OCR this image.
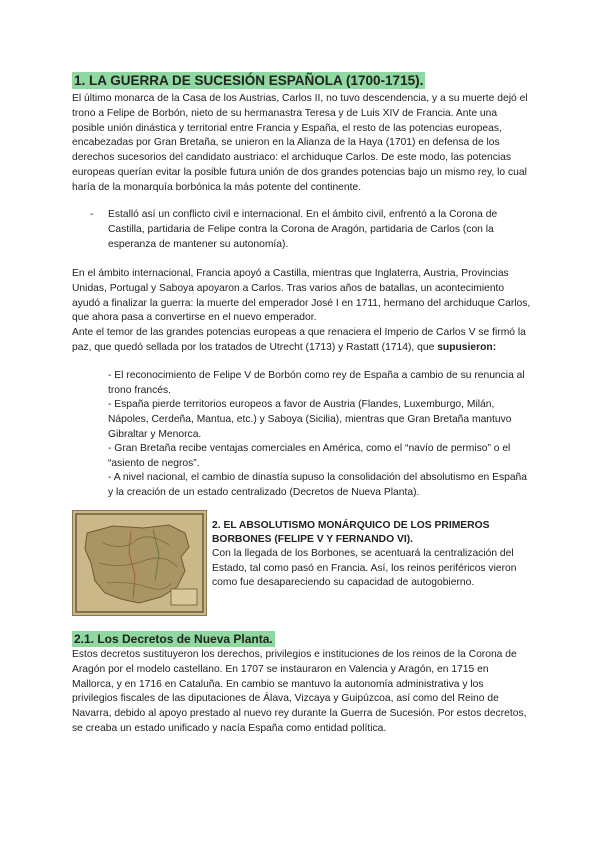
1. LA GUERRA DE SUCESIÓN ESPAÑOLA (1700-1715).

El último monarca de la Casa de los Austrias, Carlos II, no tuvo descendencia, y a su muerte dejó el trono a Felipe de Borbón, nieto de su hermanastra Teresa y de Luis XIV de Francia. Ante una posible unión dinástica y territorial entre Francia y España, el resto de las potencias europeas, encabezadas por Gran Bretaña, se unieron en la Alianza de la Haya (1701) en defensa de los derechos sucesorios del candidato austriaco: el archiduque Carlos. De este modo, las potencias europeas querían evitar la posible futura unión de dos grandes potencias bajo un mismo rey, lo cual haría de la monarquía borbónica la más potente del continente.

- Estalló así un conflicto civil e internacional. En el ámbito civil, enfrentó a la Corona de Castilla, partidaria de Felipe contra la Corona de Aragón, partidaria de Carlos (con la esperanza de mantener su autonomía).

En el ámbito internacional, Francia apoyó a Castilla, mientras que Inglaterra, Austria, Provincias Unidas, Portugal y Saboya apoyaron a Carlos. Tras varios años de batallas, un acontecimiento ayudó a finalizar la guerra: la muerte del emperador José I en 1711, hermano del archiduque Carlos, que ahora pasa a convertirse en el nuevo emperador.

Ante el temor de las grandes potencias europeas a que renaciera el Imperio de Carlos V se firmó la paz, que quedó sellada por los tratados de Utrecht (1713) y Rastatt (1714), que supusieron:

- El reconocimiento de Felipe V de Borbón como rey de España a cambio de su renuncia al trono francés.

- España pierde territorios europeos a favor de Austria (Flandes, Luxemburgo, Milán, Nápoles, Cerdeña, Mantua, etc.) y Saboya (Sicilia), mientras que Gran Bretaña mantuvo Gibraltar y Menorca.

- Gran Bretaña recibe ventajas comerciales en América, como el “navío de permiso” o el “asiento de negros”.

- A nivel nacional, el cambio de dinastía supuso la consolidación del absolutismo en España y la creación de un estado centralizado (Decretos de Nueva Planta).

2. EL ABSOLUTISMO MONÁRQUICO DE LOS PRIMEROS BORBONES (FELIPE V Y FERNANDO VI).

Con la llegada de los Borbones, se acentuará la centralización del Estado, tal como pasó en Francia. Así, los reinos periféricos vieron como fue desapareciendo su capacidad de autogobierno.

2.1. Los Decretos de Nueva Planta.

Estos decretos sustituyeron los derechos, privilegios e instituciones de los reinos de la Corona de Aragón por el modelo castellano. En 1707 se instauraron en Valencia y Aragón, en 1715 en Mallorca, y en 1716 en Cataluña. En cambio se mantuvo la autonomía administrativa y los privilegios fiscales de las diputaciones de Álava, Vizcaya y Guipúzcoa, así como del Reino de Navarra, debido al apoyo prestado al nuevo rey durante la Guerra de Sucesión. Por estos decretos, se creaba un estado unificado y nacía España como entidad política.
